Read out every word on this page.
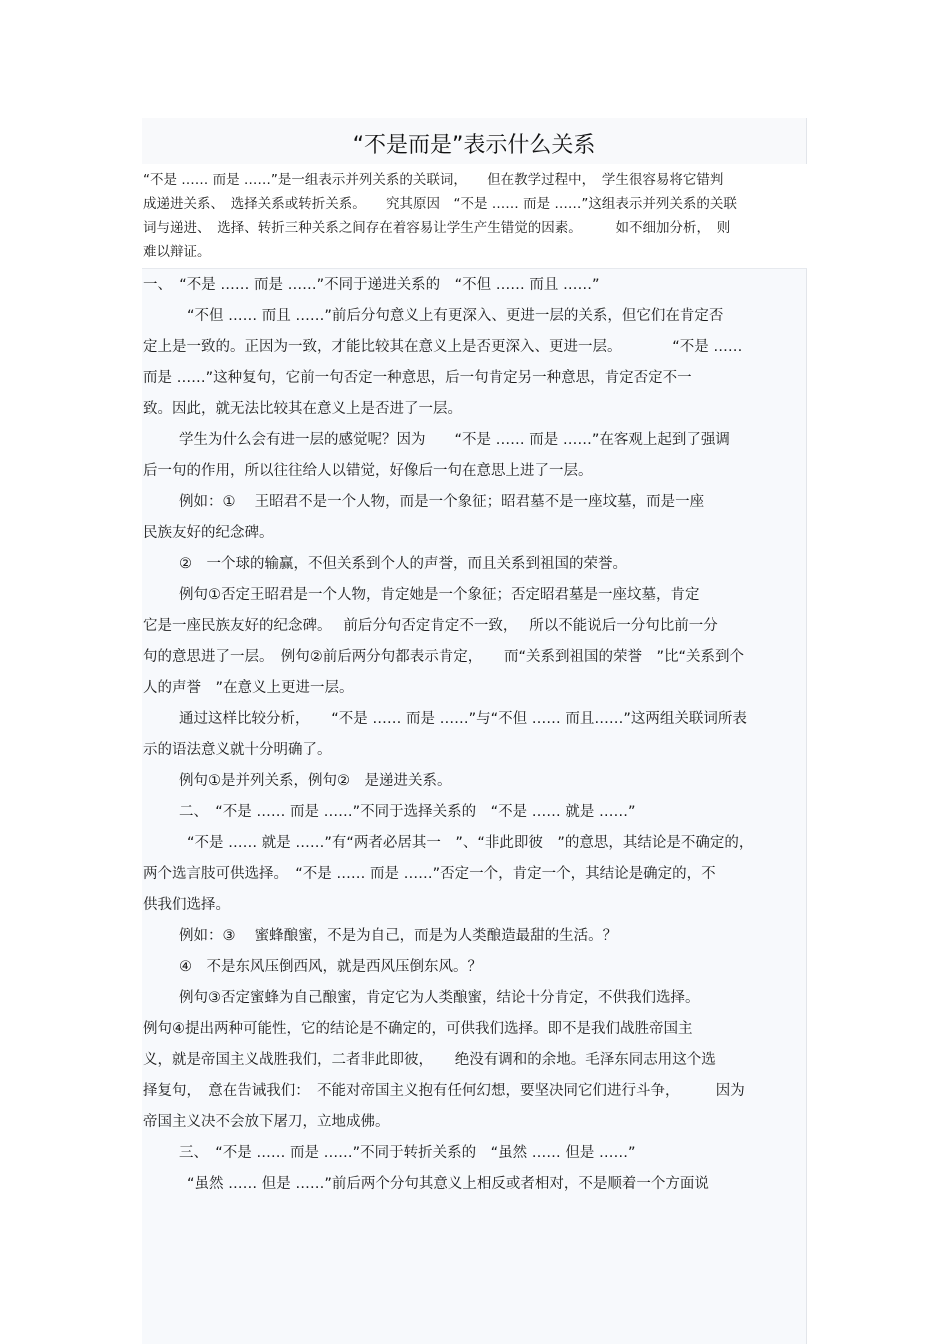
“不是而是”表示什么关系
“不是 …… 而是 ……”是一组表示并列关系的关联词，　　但在教学过程中，　学生很容易将它错判
成递进关系、　选择关系或转折关系。　　究其原因　“不是 …… 而是 ……”这组表示并列关系的关联
词与递进、　选择、转折三种关系之间存在着容易让学生产生错觉的因素。　　　如不细加分析，　则
难以辩证。
一、　“不是 …… 而是 ……”不同于递进关系的　“不但 …… 而且 ……”
“不但 …… 而且 ……”前后分句意义上有更深入、更进一层的关系，但它们在肯定否
定上是一致的。正因为一致，才能比较其在意义上是否更深入、更进一层。　　　　“不是 ……
而是 ……”这种复句，它前一句否定一种意思，后一句肯定另一种意思，肯定否定不一
致。因此，就无法比较其在意义上是否进了一层。
学生为什么会有进一层的感觉呢？因为　　“不是 …… 而是 ……”在客观上起到了强调
后一句的作用，所以往往给人以错觉，好像后一句在意思上进了一层。
例如：①　 王昭君不是一个人物，而是一个象征；昭君墓不是一座坟墓，而是一座
民族友好的纪念碑。
②　一个球的输赢，不但关系到个人的声誉，而且关系到祖国的荣誉。
例句①否定王昭君是一个人物，肯定她是一个象征；否定昭君墓是一座坟墓，肯定
它是一座民族友好的纪念碑。　 前后分句否定肯定不一致，　 所以不能说后一分句比前一分
句的意思进了一层。　例句②前后两分句都表示肯定，　　而“关系到祖国的荣誉　”比“关系到个
人的声誉　”在意义上更进一层。
通过这样比较分析，　　“不是 …… 而是 ……”与“不但 …… 而且……”这两组关联词所表
示的语法意义就十分明确了。
例句①是并列关系，例句②　是递进关系。
二、　“不是 …… 而是 ……”不同于选择关系的　“不是 …… 就是 ……”
“不是 …… 就是 ……”有“两者必居其一　”、“非此即彼　”的意思，其结论是不确定的，
两个选言肢可供选择。　“不是 …… 而是 ……”否定一个，肯定一个，其结论是确定的，不
供我们选择。
例如：③　 蜜蜂酿蜜，不是为自己，而是为人类酿造最甜的生活。？
④　不是东风压倒西风，就是西风压倒东风。？
例句③否定蜜蜂为自己酿蜜，肯定它为人类酿蜜，结论十分肯定，不供我们选择。
例句④提出两种可能性，它的结论是不确定的，可供我们选择。即不是我们战胜帝国主
义，就是帝国主义战胜我们，二者非此即彼，　　绝没有调和的余地。毛泽东同志用这个选
择复句，　意在告诫我们：　不能对帝国主义抱有任何幻想，要坚决同它们进行斗争，　　　因为
帝国主义决不会放下屠刀，立地成佛。
三、　“不是 …… 而是 ……”不同于转折关系的　“虽然 …… 但是 ……”
“虽然 …… 但是 ……”前后两个分句其意义上相反或者相对，不是顺着一个方面说
